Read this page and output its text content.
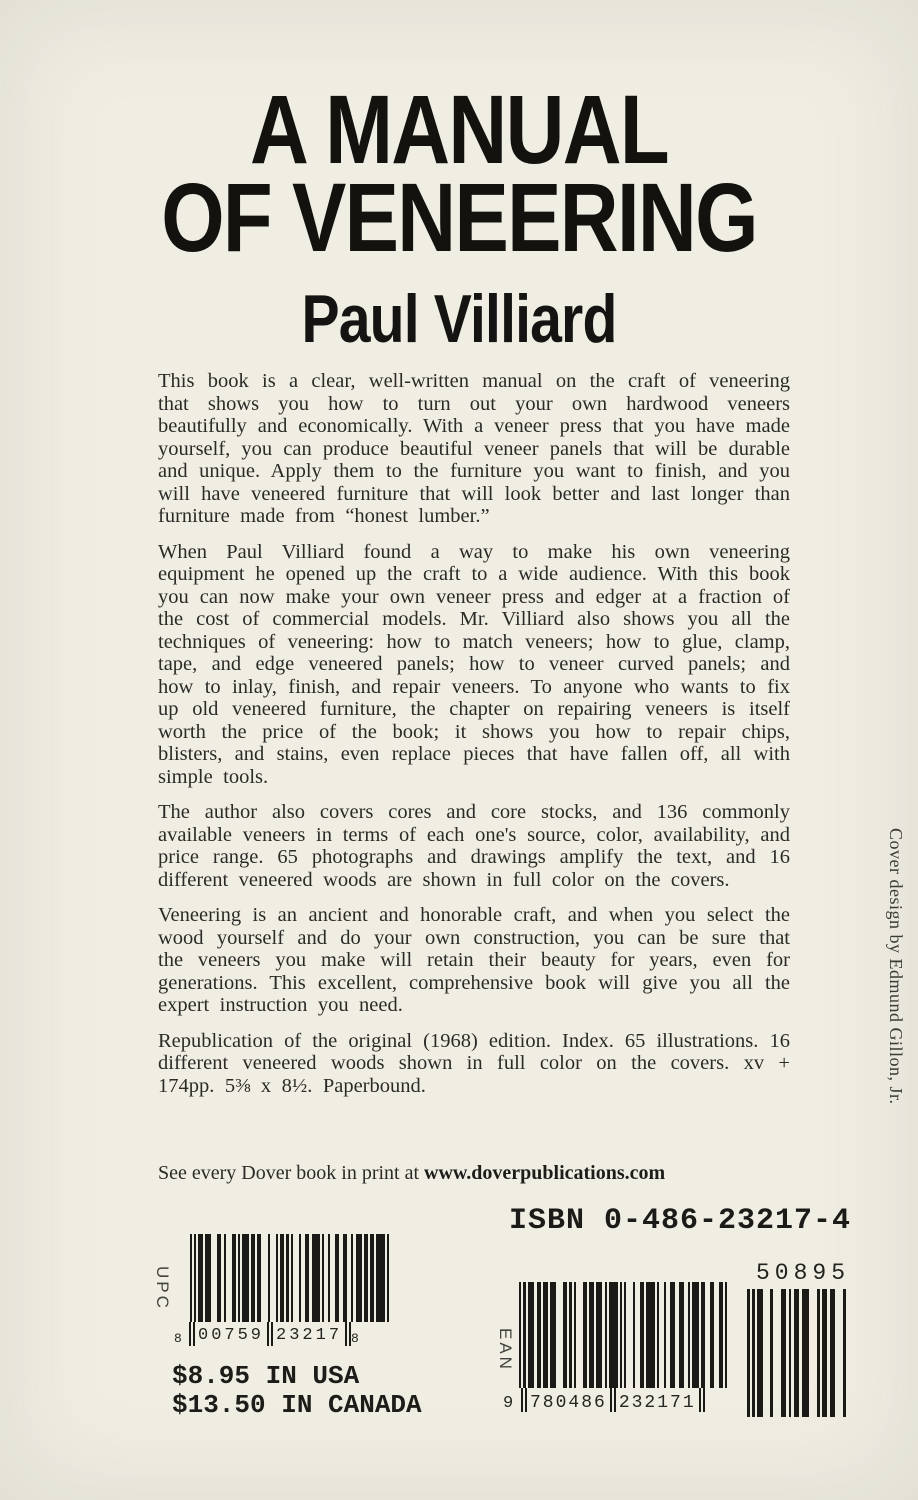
A MANUAL
OF VENEERING
Paul Villiard

This book is a clear, well-written manual on the craft of veneering that shows you how to turn out your own hardwood veneers beautifully and economically. With a veneer press that you have made yourself, you can produce beautiful veneer panels that will be durable and unique. Apply them to the furniture you want to finish, and you will have veneered furniture that will look better and last longer than furniture made from “honest lumber.”

When Paul Villiard found a way to make his own veneering equipment he opened up the craft to a wide audience. With this book you can now make your own veneer press and edger at a fraction of the cost of commercial models. Mr. Villiard also shows you all the techniques of veneering: how to match veneers; how to glue, clamp, tape, and edge veneered panels; how to veneer curved panels; and how to inlay, finish, and repair veneers. To anyone who wants to fix up old veneered furniture, the chapter on repairing veneers is itself worth the price of the book; it shows you how to repair chips, blisters, and stains, even replace pieces that have fallen off, all with simple tools.

The author also covers cores and core stocks, and 136 commonly available veneers in terms of each one's source, color, availability, and price range. 65 photographs and drawings amplify the text, and 16 different veneered woods are shown in full color on the covers.

Veneering is an ancient and honorable craft, and when you select the wood yourself and do your own construction, you can be sure that the veneers you make will retain their beauty for years, even for generations. This excellent, comprehensive book will give you all the expert instruction you need.

Republication of the original (1968) edition. Index. 65 illustrations. 16 different veneered woods shown in full color on the covers. xv + 174pp. 5⅜ x 8½. Paperbound.

See every Dover book in print at www.doverpublications.com
ISBN 0-486-23217-4
UPC
8 00759 23217 8
$8.95 IN USA
$13.50 IN CANADA
EAN
9 780486 232171
50895
Cover design by Edmund Gillon, Jr.
